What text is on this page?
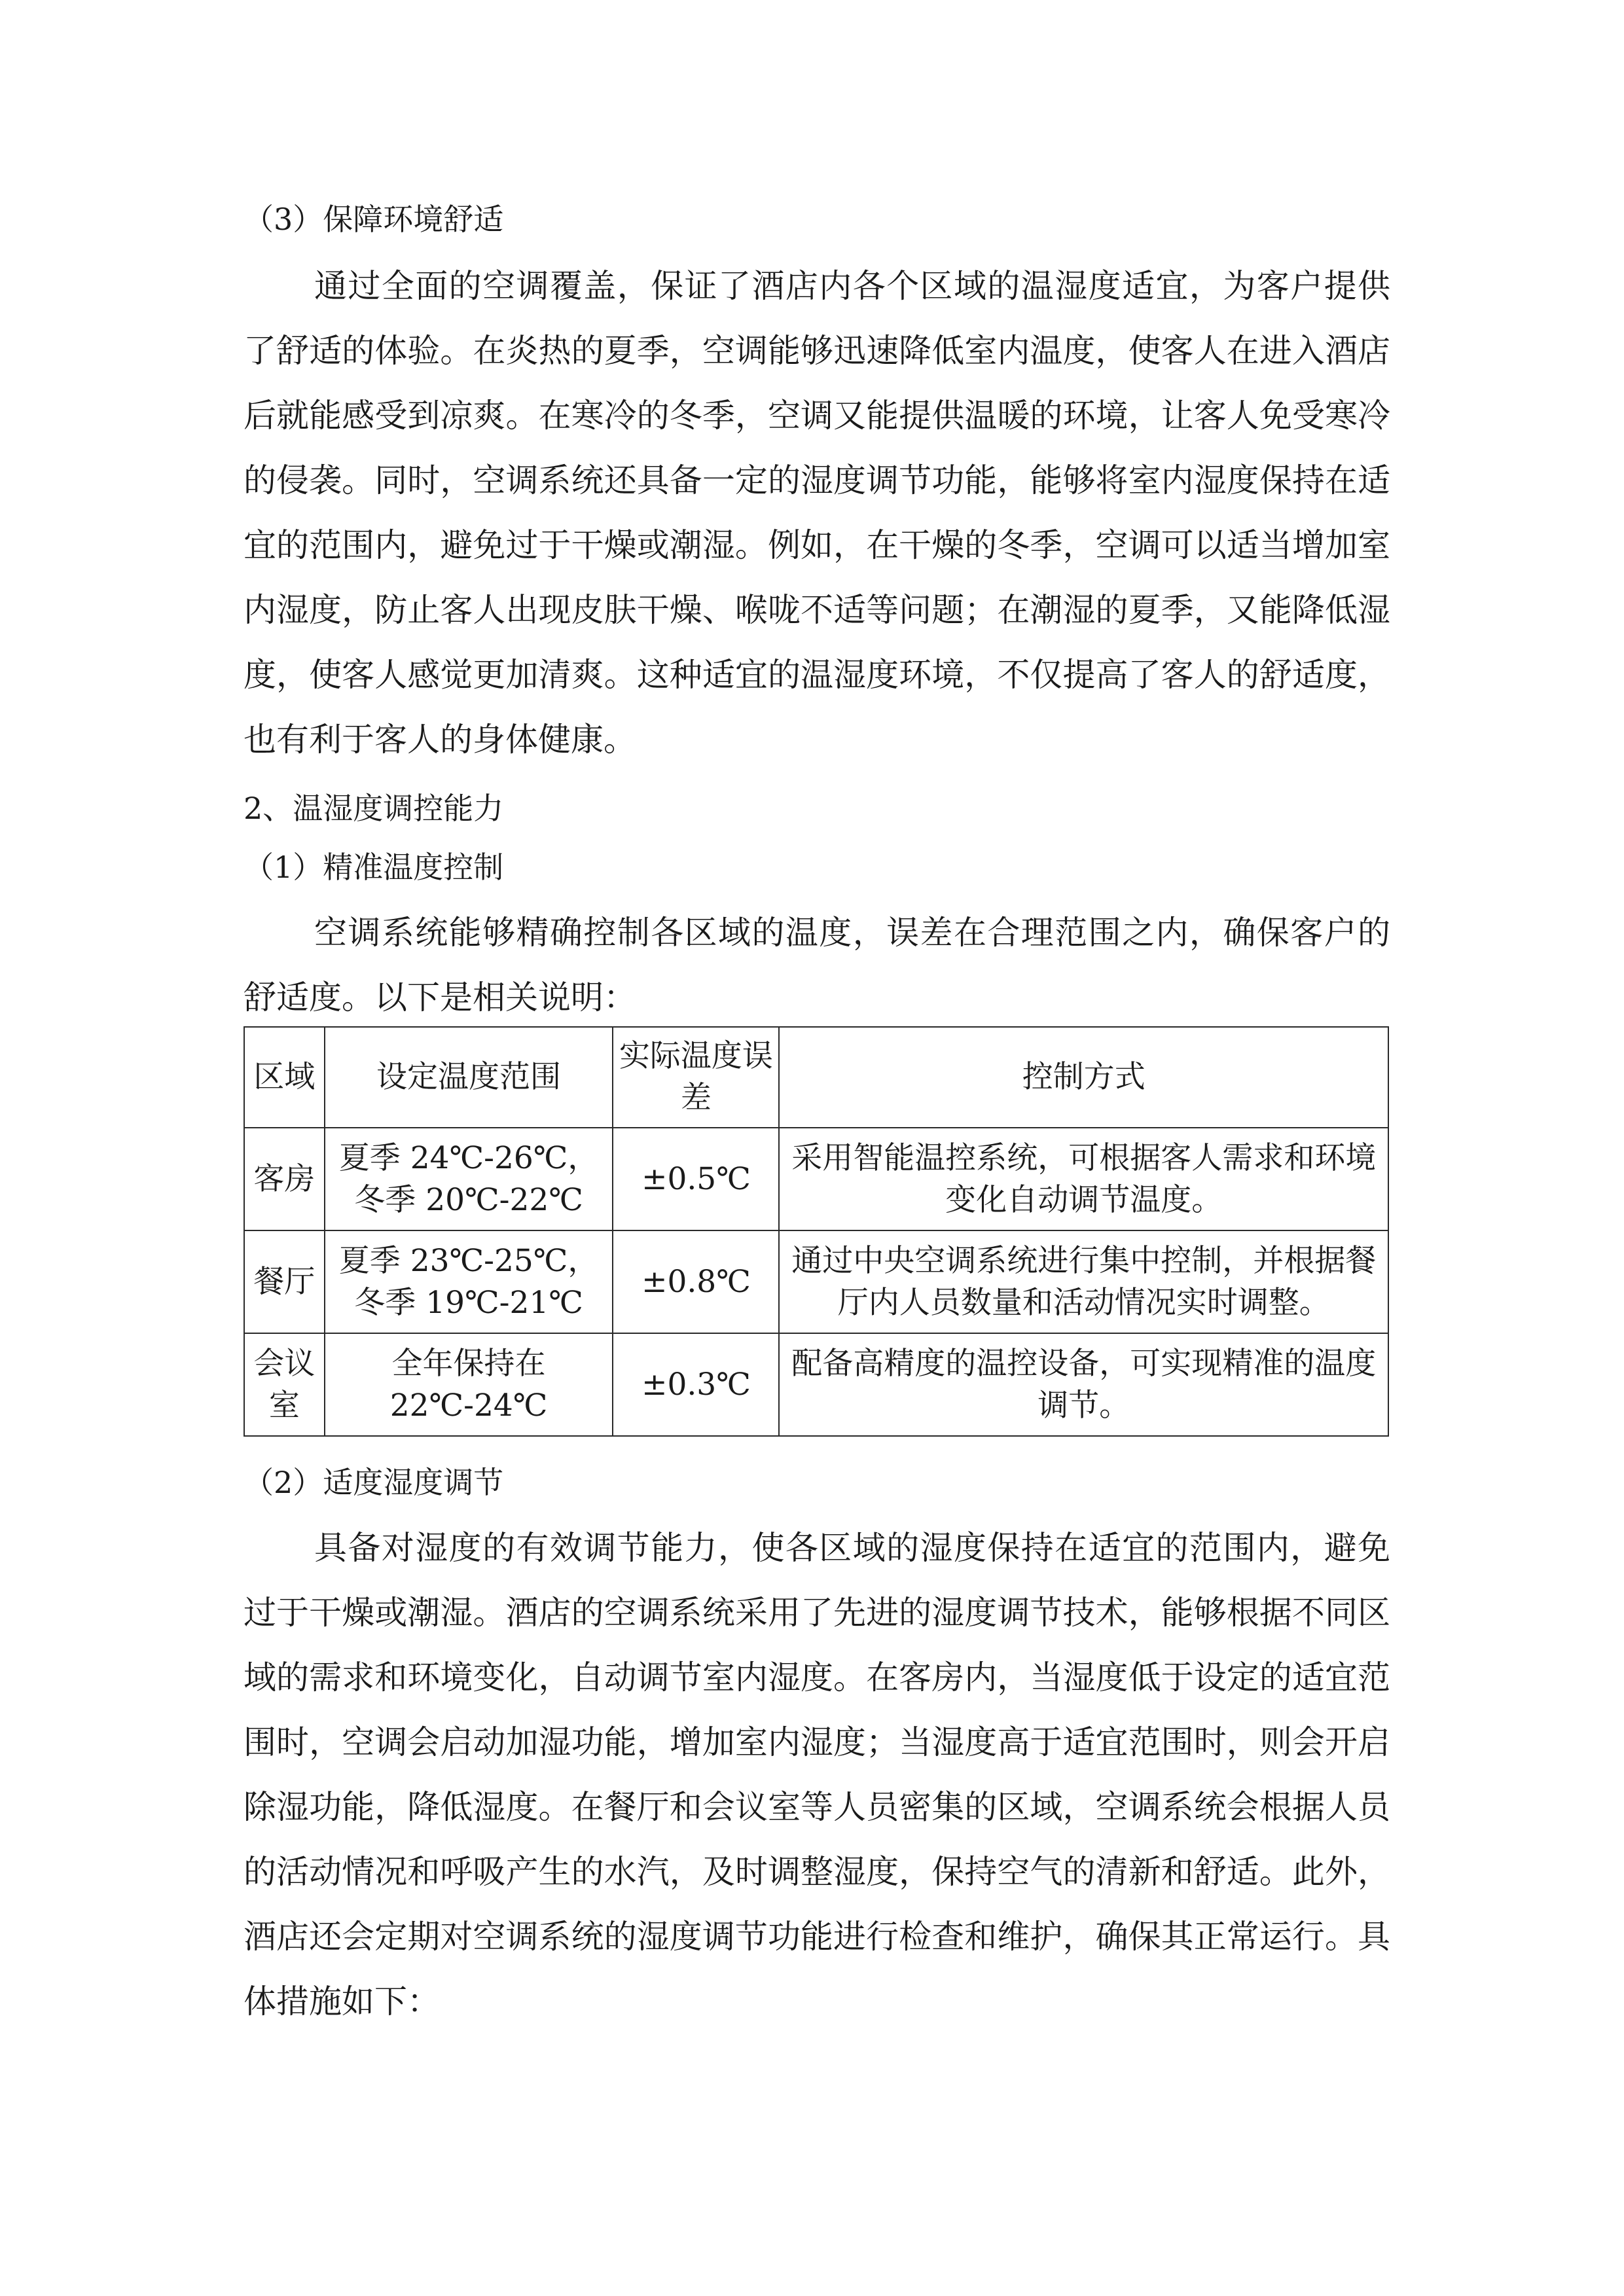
（3）保障环境舒适

通过全面的空调覆盖，保证了酒店内各个区域的温湿度适宜，为客户提供了舒适的体验。在炎热的夏季，空调能够迅速降低室内温度，使客人在进入酒店后就能感受到凉爽。在寒冷的冬季，空调又能提供温暖的环境，让客人免受寒冷的侵袭。同时，空调系统还具备一定的湿度调节功能，能够将室内湿度保持在适宜的范围内，避免过于干燥或潮湿。例如，在干燥的冬季，空调可以适当增加室内湿度，防止客人出现皮肤干燥、喉咙不适等问题；在潮湿的夏季，又能降低湿度，使客人感觉更加清爽。这种适宜的温湿度环境，不仅提高了客人的舒适度，也有利于客人的身体健康。

2、温湿度调控能力
（1）精准温度控制

空调系统能够精确控制各区域的温度，误差在合理范围之内，确保客户的舒适度。以下是相关说明：

区域	设定温度范围	实际温度误差	控制方式
客房	夏季 24℃-26℃，冬季 20℃-22℃	±0.5℃	采用智能温控系统，可根据客人需求和环境变化自动调节温度。
餐厅	夏季 23℃-25℃，冬季 19℃-21℃	±0.8℃	通过中央空调系统进行集中控制，并根据餐厅内人员数量和活动情况实时调整。
会议室	全年保持在 22℃-24℃	±0.3℃	配备高精度的温控设备，可实现精准的温度调节。
（2）适度湿度调节

具备对湿度的有效调节能力，使各区域的湿度保持在适宜的范围内，避免过于干燥或潮湿。酒店的空调系统采用了先进的湿度调节技术，能够根据不同区域的需求和环境变化，自动调节室内湿度。在客房内，当湿度低于设定的适宜范围时，空调会启动加湿功能，增加室内湿度；当湿度高于适宜范围时，则会开启除湿功能，降低湿度。在餐厅和会议室等人员密集的区域，空调系统会根据人员的活动情况和呼吸产生的水汽，及时调整湿度，保持空气的清新和舒适。此外，酒店还会定期对空调系统的湿度调节功能进行检查和维护，确保其正常运行。具体措施如下：
